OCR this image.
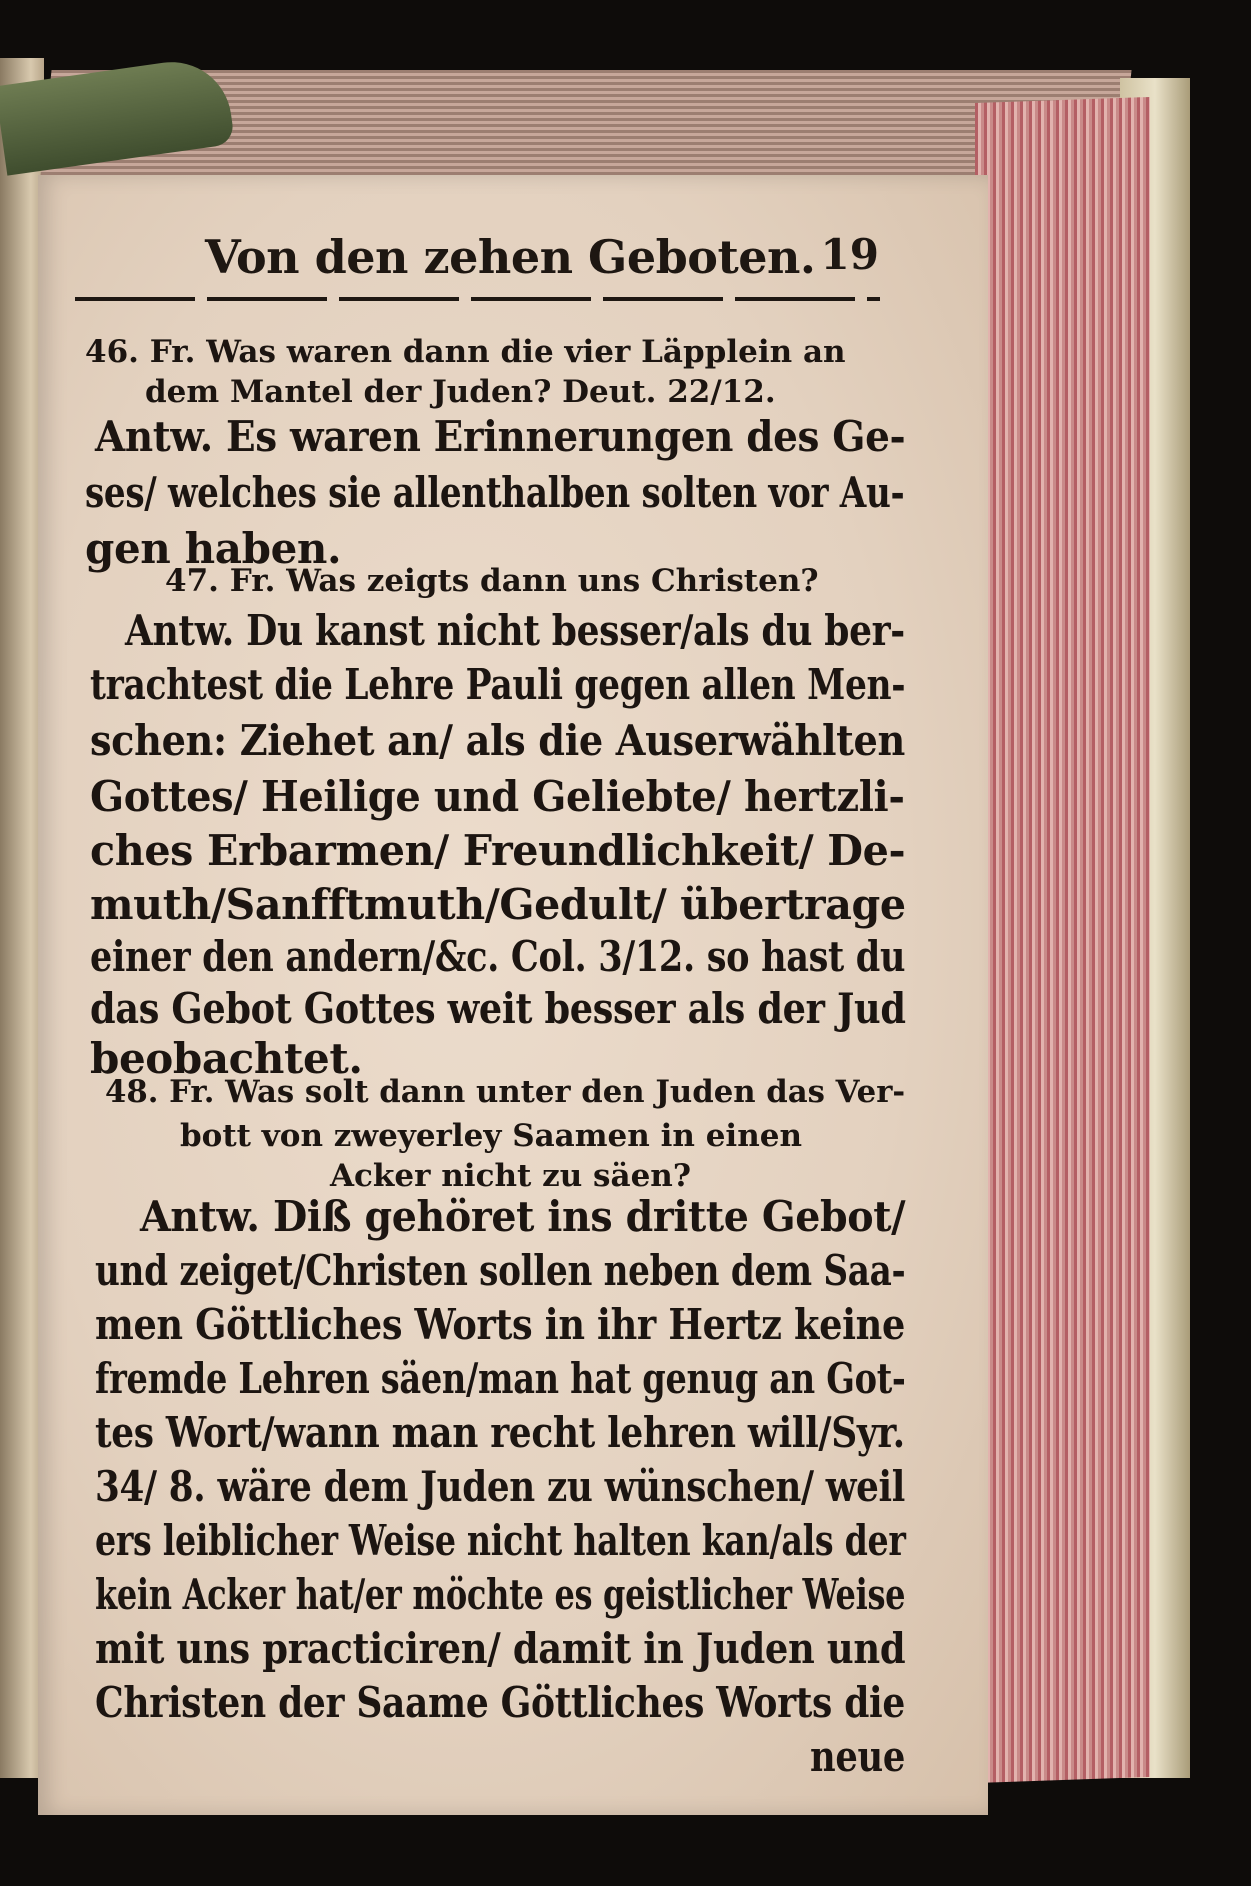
Von den zehen Geboten. 19
46. Fr. Was waren dann die vier Läpplein an
dem Mantel der Juden? Deut. 22/12.
Antw. Es waren Erinnerungen des Ge-
ses/ welches sie allenthalben solten vor Au-
gen haben.
47. Fr. Was zeigts dann uns Christen?
Antw. Du kanst nicht besser/als du ber-
trachtest die Lehre Pauli gegen allen Men-
schen: Ziehet an/ als die Auserwählten
Gottes/ Heilige und Geliebte/ hertzli-
ches Erbarmen/ Freundlichkeit/ De-
muth/Sanfftmuth/Gedult/ übertrage
einer den andern/&c. Col. 3/12. so hast du
das Gebot Gottes weit besser als der Jud
beobachtet.
48. Fr. Was solt dann unter den Juden das Ver-
bott von zweyerley Saamen in einen
Acker nicht zu säen?
Antw. Diß gehöret ins dritte Gebot/
und zeiget/Christen sollen neben dem Saa-
men Göttliches Worts in ihr Hertz keine
fremde Lehren säen/man hat genug an Got-
tes Wort/wann man recht lehren will/Syr.
34/ 8. wäre dem Juden zu wünschen/ weil
ers leiblicher Weise nicht halten kan/als der
kein Acker hat/er möchte es geistlicher Weise
mit uns practiciren/ damit in Juden und
Christen der Saame Göttliches Worts die
neue
